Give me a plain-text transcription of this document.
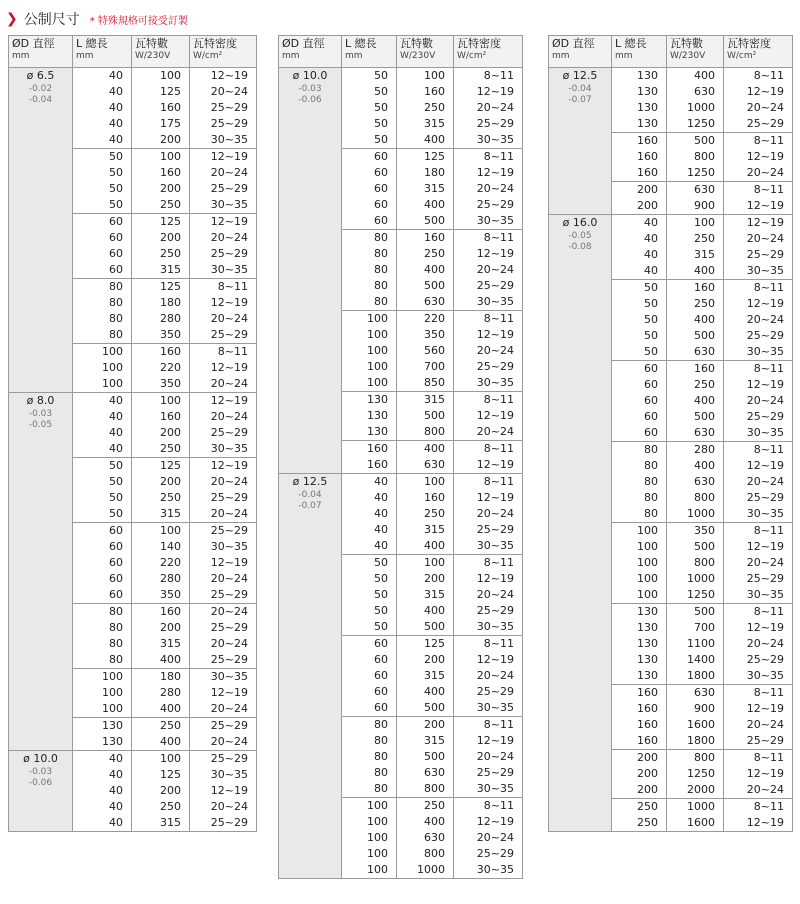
❯ 公制尺寸 * 特殊規格可接受訂製
ØD 直徑
mm	L 總長
mm	瓦特數
W/230V	瓦特密度
W/cm²

ø 6.5
-0.02
-0.04	40	100	12~19
	40	125	20~24
	40	160	25~29
	40	175	25~29
	40	200	30~35
	50	100	12~19
	50	160	20~24
	50	200	25~29
	50	250	30~35
	60	125	12~19
	60	200	20~24
	60	250	25~29
	60	315	30~35
	80	125	8~11
	80	180	12~19
	80	280	20~24
	80	350	25~29
	100	160	8~11
	100	220	12~19
	100	350	20~24

ø 8.0
-0.03
-0.05	40	100	12~19
	40	160	20~24
	40	200	25~29
	40	250	30~35
	50	125	12~19
	50	200	20~24
	50	250	25~29
	50	315	20~24
	60	100	25~29
	60	140	30~35
	60	220	12~19
	60	280	20~24
	60	350	25~29
	80	160	20~24
	80	200	25~29
	80	315	20~24
	80	400	25~29
	100	180	30~35
	100	280	12~19
	100	400	20~24
	130	250	25~29
	130	400	20~24

ø 10.0
-0.03
-0.06	40	100	25~29
	40	125	30~35
	40	200	12~19
	40	250	20~24
	40	315	25~29
ØD 直徑
mm	L 總長
mm	瓦特數
W/230V	瓦特密度
W/cm²

ø 10.0
-0.03
-0.06	50	100	8~11
	50	160	12~19
	50	250	20~24
	50	315	25~29
	50	400	30~35
	60	125	8~11
	60	180	12~19
	60	315	20~24
	60	400	25~29
	60	500	30~35
	80	160	8~11
	80	250	12~19
	80	400	20~24
	80	500	25~29
	80	630	30~35
	100	220	8~11
	100	350	12~19
	100	560	20~24
	100	700	25~29
	100	850	30~35
	130	315	8~11
	130	500	12~19
	130	800	20~24
	160	400	8~11
	160	630	12~19

ø 12.5
-0.04
-0.07	40	100	8~11
	40	160	12~19
	40	250	20~24
	40	315	25~29
	40	400	30~35
	50	100	8~11
	50	200	12~19
	50	315	20~24
	50	400	25~29
	50	500	30~35
	60	125	8~11
	60	200	12~19
	60	315	20~24
	60	400	25~29
	60	500	30~35
	80	200	8~11
	80	315	12~19
	80	500	20~24
	80	630	25~29
	80	800	30~35
	100	250	8~11
	100	400	12~19
	100	630	20~24
	100	800	25~29
	100	1000	30~35
ØD 直徑
mm	L 總長
mm	瓦特數
W/230V	瓦特密度
W/cm²

ø 12.5
-0.04
-0.07	130	400	8~11
	130	630	12~19
	130	1000	20~24
	130	1250	25~29
	160	500	8~11
	160	800	12~19
	160	1250	20~24
	200	630	8~11
	200	900	12~19

ø 16.0
-0.05
-0.08	40	100	12~19
	40	250	20~24
	40	315	25~29
	40	400	30~35
	50	160	8~11
	50	250	12~19
	50	400	20~24
	50	500	25~29
	50	630	30~35
	60	160	8~11
	60	250	12~19
	60	400	20~24
	60	500	25~29
	60	630	30~35
	80	280	8~11
	80	400	12~19
	80	630	20~24
	80	800	25~29
	80	1000	30~35
	100	350	8~11
	100	500	12~19
	100	800	20~24
	100	1000	25~29
	100	1250	30~35
	130	500	8~11
	130	700	12~19
	130	1100	20~24
	130	1400	25~29
	130	1800	30~35
	160	630	8~11
	160	900	12~19
	160	1600	20~24
	160	1800	25~29
	200	800	8~11
	200	1250	12~19
	200	2000	20~24
	250	1000	8~11
	250	1600	12~19
